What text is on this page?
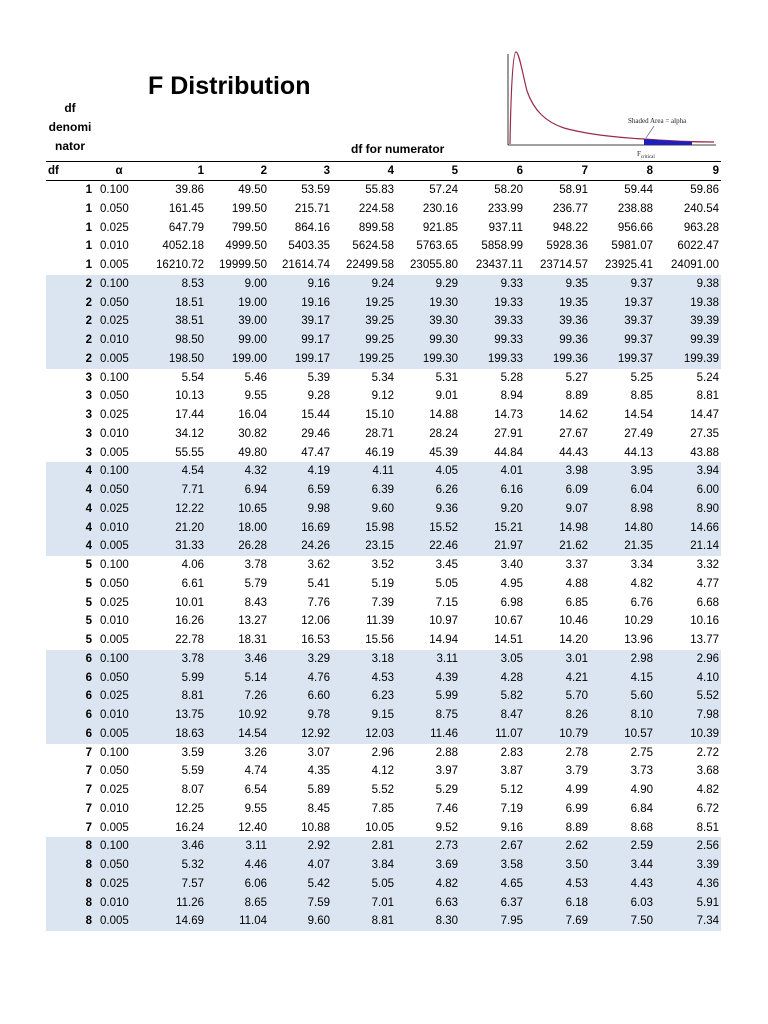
F Distribution
df
denomi
nator	df for numerator
Shaded Area = alpha
$F_{critical}$
df	α	1	2	3	4	5	6	7	8	9
1	0.100	39.86	49.50	53.59	55.83	57.24	58.20	58.91	59.44	59.86
1	0.050	161.45	199.50	215.71	224.58	230.16	233.99	236.77	238.88	240.54
1	0.025	647.79	799.50	864.16	899.58	921.85	937.11	948.22	956.66	963.28
1	0.010	4052.18	4999.50	5403.35	5624.58	5763.65	5858.99	5928.36	5981.07	6022.47
1	0.005	16210.72	19999.50	21614.74	22499.58	23055.80	23437.11	23714.57	23925.41	24091.00
2	0.100	8.53	9.00	9.16	9.24	9.29	9.33	9.35	9.37	9.38
2	0.050	18.51	19.00	19.16	19.25	19.30	19.33	19.35	19.37	19.38
2	0.025	38.51	39.00	39.17	39.25	39.30	39.33	39.36	39.37	39.39
2	0.010	98.50	99.00	99.17	99.25	99.30	99.33	99.36	99.37	99.39
2	0.005	198.50	199.00	199.17	199.25	199.30	199.33	199.36	199.37	199.39
3	0.100	5.54	5.46	5.39	5.34	5.31	5.28	5.27	5.25	5.24
3	0.050	10.13	9.55	9.28	9.12	9.01	8.94	8.89	8.85	8.81
3	0.025	17.44	16.04	15.44	15.10	14.88	14.73	14.62	14.54	14.47
3	0.010	34.12	30.82	29.46	28.71	28.24	27.91	27.67	27.49	27.35
3	0.005	55.55	49.80	47.47	46.19	45.39	44.84	44.43	44.13	43.88
4	0.100	4.54	4.32	4.19	4.11	4.05	4.01	3.98	3.95	3.94
4	0.050	7.71	6.94	6.59	6.39	6.26	6.16	6.09	6.04	6.00
4	0.025	12.22	10.65	9.98	9.60	9.36	9.20	9.07	8.98	8.90
4	0.010	21.20	18.00	16.69	15.98	15.52	15.21	14.98	14.80	14.66
4	0.005	31.33	26.28	24.26	23.15	22.46	21.97	21.62	21.35	21.14
5	0.100	4.06	3.78	3.62	3.52	3.45	3.40	3.37	3.34	3.32
5	0.050	6.61	5.79	5.41	5.19	5.05	4.95	4.88	4.82	4.77
5	0.025	10.01	8.43	7.76	7.39	7.15	6.98	6.85	6.76	6.68
5	0.010	16.26	13.27	12.06	11.39	10.97	10.67	10.46	10.29	10.16
5	0.005	22.78	18.31	16.53	15.56	14.94	14.51	14.20	13.96	13.77
6	0.100	3.78	3.46	3.29	3.18	3.11	3.05	3.01	2.98	2.96
6	0.050	5.99	5.14	4.76	4.53	4.39	4.28	4.21	4.15	4.10
6	0.025	8.81	7.26	6.60	6.23	5.99	5.82	5.70	5.60	5.52
6	0.010	13.75	10.92	9.78	9.15	8.75	8.47	8.26	8.10	7.98
6	0.005	18.63	14.54	12.92	12.03	11.46	11.07	10.79	10.57	10.39
7	0.100	3.59	3.26	3.07	2.96	2.88	2.83	2.78	2.75	2.72
7	0.050	5.59	4.74	4.35	4.12	3.97	3.87	3.79	3.73	3.68
7	0.025	8.07	6.54	5.89	5.52	5.29	5.12	4.99	4.90	4.82
7	0.010	12.25	9.55	8.45	7.85	7.46	7.19	6.99	6.84	6.72
7	0.005	16.24	12.40	10.88	10.05	9.52	9.16	8.89	8.68	8.51
8	0.100	3.46	3.11	2.92	2.81	2.73	2.67	2.62	2.59	2.56
8	0.050	5.32	4.46	4.07	3.84	3.69	3.58	3.50	3.44	3.39
8	0.025	7.57	6.06	5.42	5.05	4.82	4.65	4.53	4.43	4.36
8	0.010	11.26	8.65	7.59	7.01	6.63	6.37	6.18	6.03	5.91
8	0.005	14.69	11.04	9.60	8.81	8.30	7.95	7.69	7.50	7.34
